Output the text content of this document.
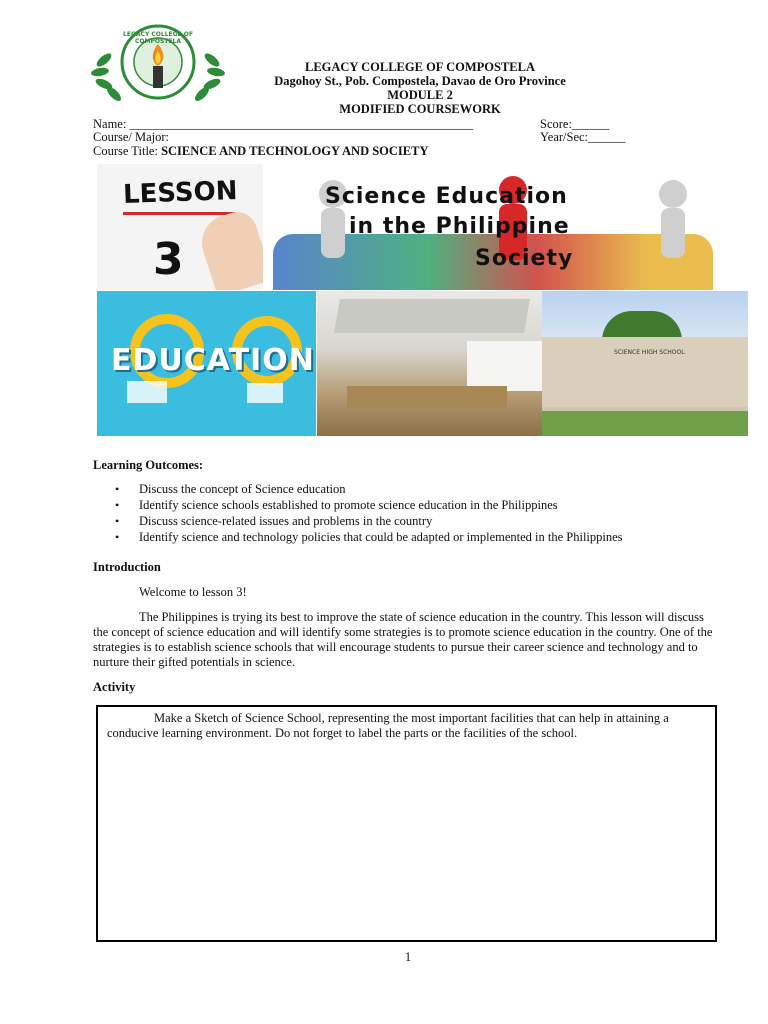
LEGACY COLLEGE OF COMPOSTELA
LEGACY COLLEGE OF COMPOSTELA
Dagohoy St., Pob. Compostela, Davao de Oro Province
MODULE 2
MODIFIED COURSEWORK
Name: _______________________________________________________	Score:______
Course/ Major:	Year/Sec:______
Course Title: SCIENCE AND TECHNOLOGY AND SOCIETY
LESSON
3
Science Education
in the Philippine
Society
EDUCATION	SCIENCE HIGH SCHOOL
Learning Outcomes:
• Discuss the concept of Science education
• Identify science schools established to promote science education in the Philippines
• Discuss science-related issues and problems in the country
• Identify science and technology policies that could be adapted or implemented in the Philippines
Introduction
Welcome to lesson 3!
The Philippines is trying its best to improve the state of science education in the country. This lesson will discuss the concept of science education and will identify some strategies is to promote science education in the country. One of the strategies is to establish science schools that will encourage students to pursue their career science and technology and to nurture their gifted potentials in science.
Activity
Make a Sketch of Science School, representing the most important facilities that can help in attaining a conducive learning environment. Do not forget to label the parts or the facilities of the school.
1
